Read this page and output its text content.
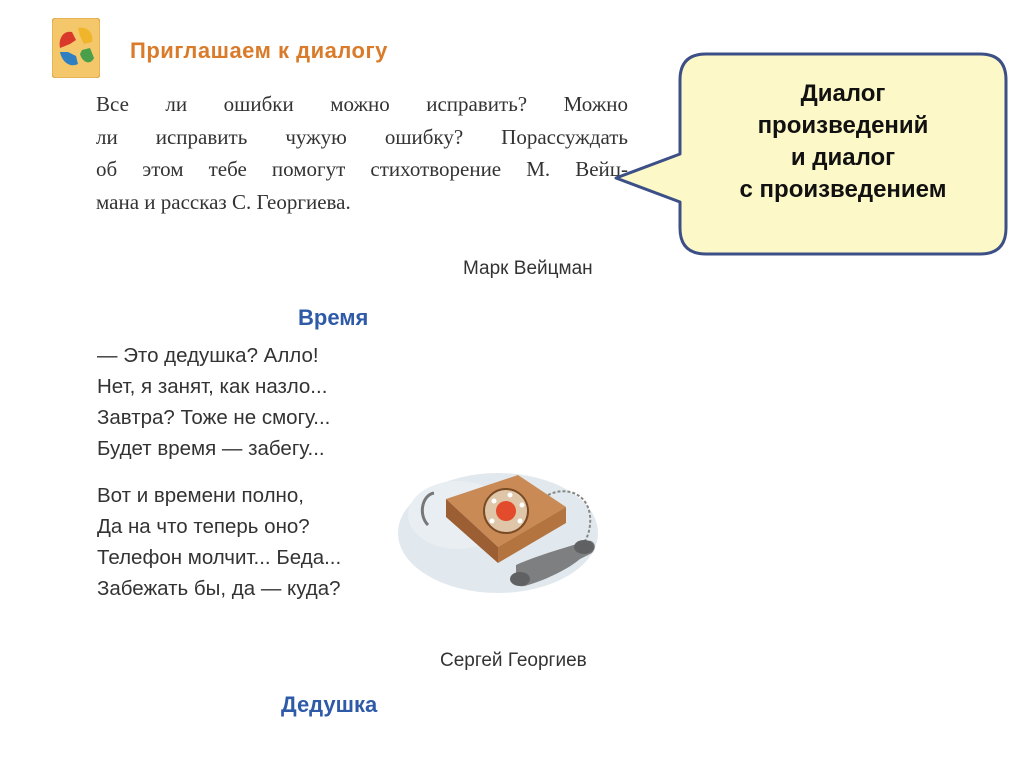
Приглашаем к диалогу
Все ли ошибки можно исправить? Можно
ли исправить чужую ошибку? Порассуждать
об этом тебе помогут стихотворение М. Вейц-
мана и рассказ С. Георгиева.
Марк Вейцман
Время
— Это дедушка? Алло!
Нет, я занят, как назло...
Завтра? Тоже не смогу...
Будет время — забегу...
Вот и времени полно,
Да на что теперь оно?
Телефон молчит... Беда...
Забежать бы, да — куда?
Сергей Георгиев
Дедушка
Диалог
произведений
и диалог
с произведением
